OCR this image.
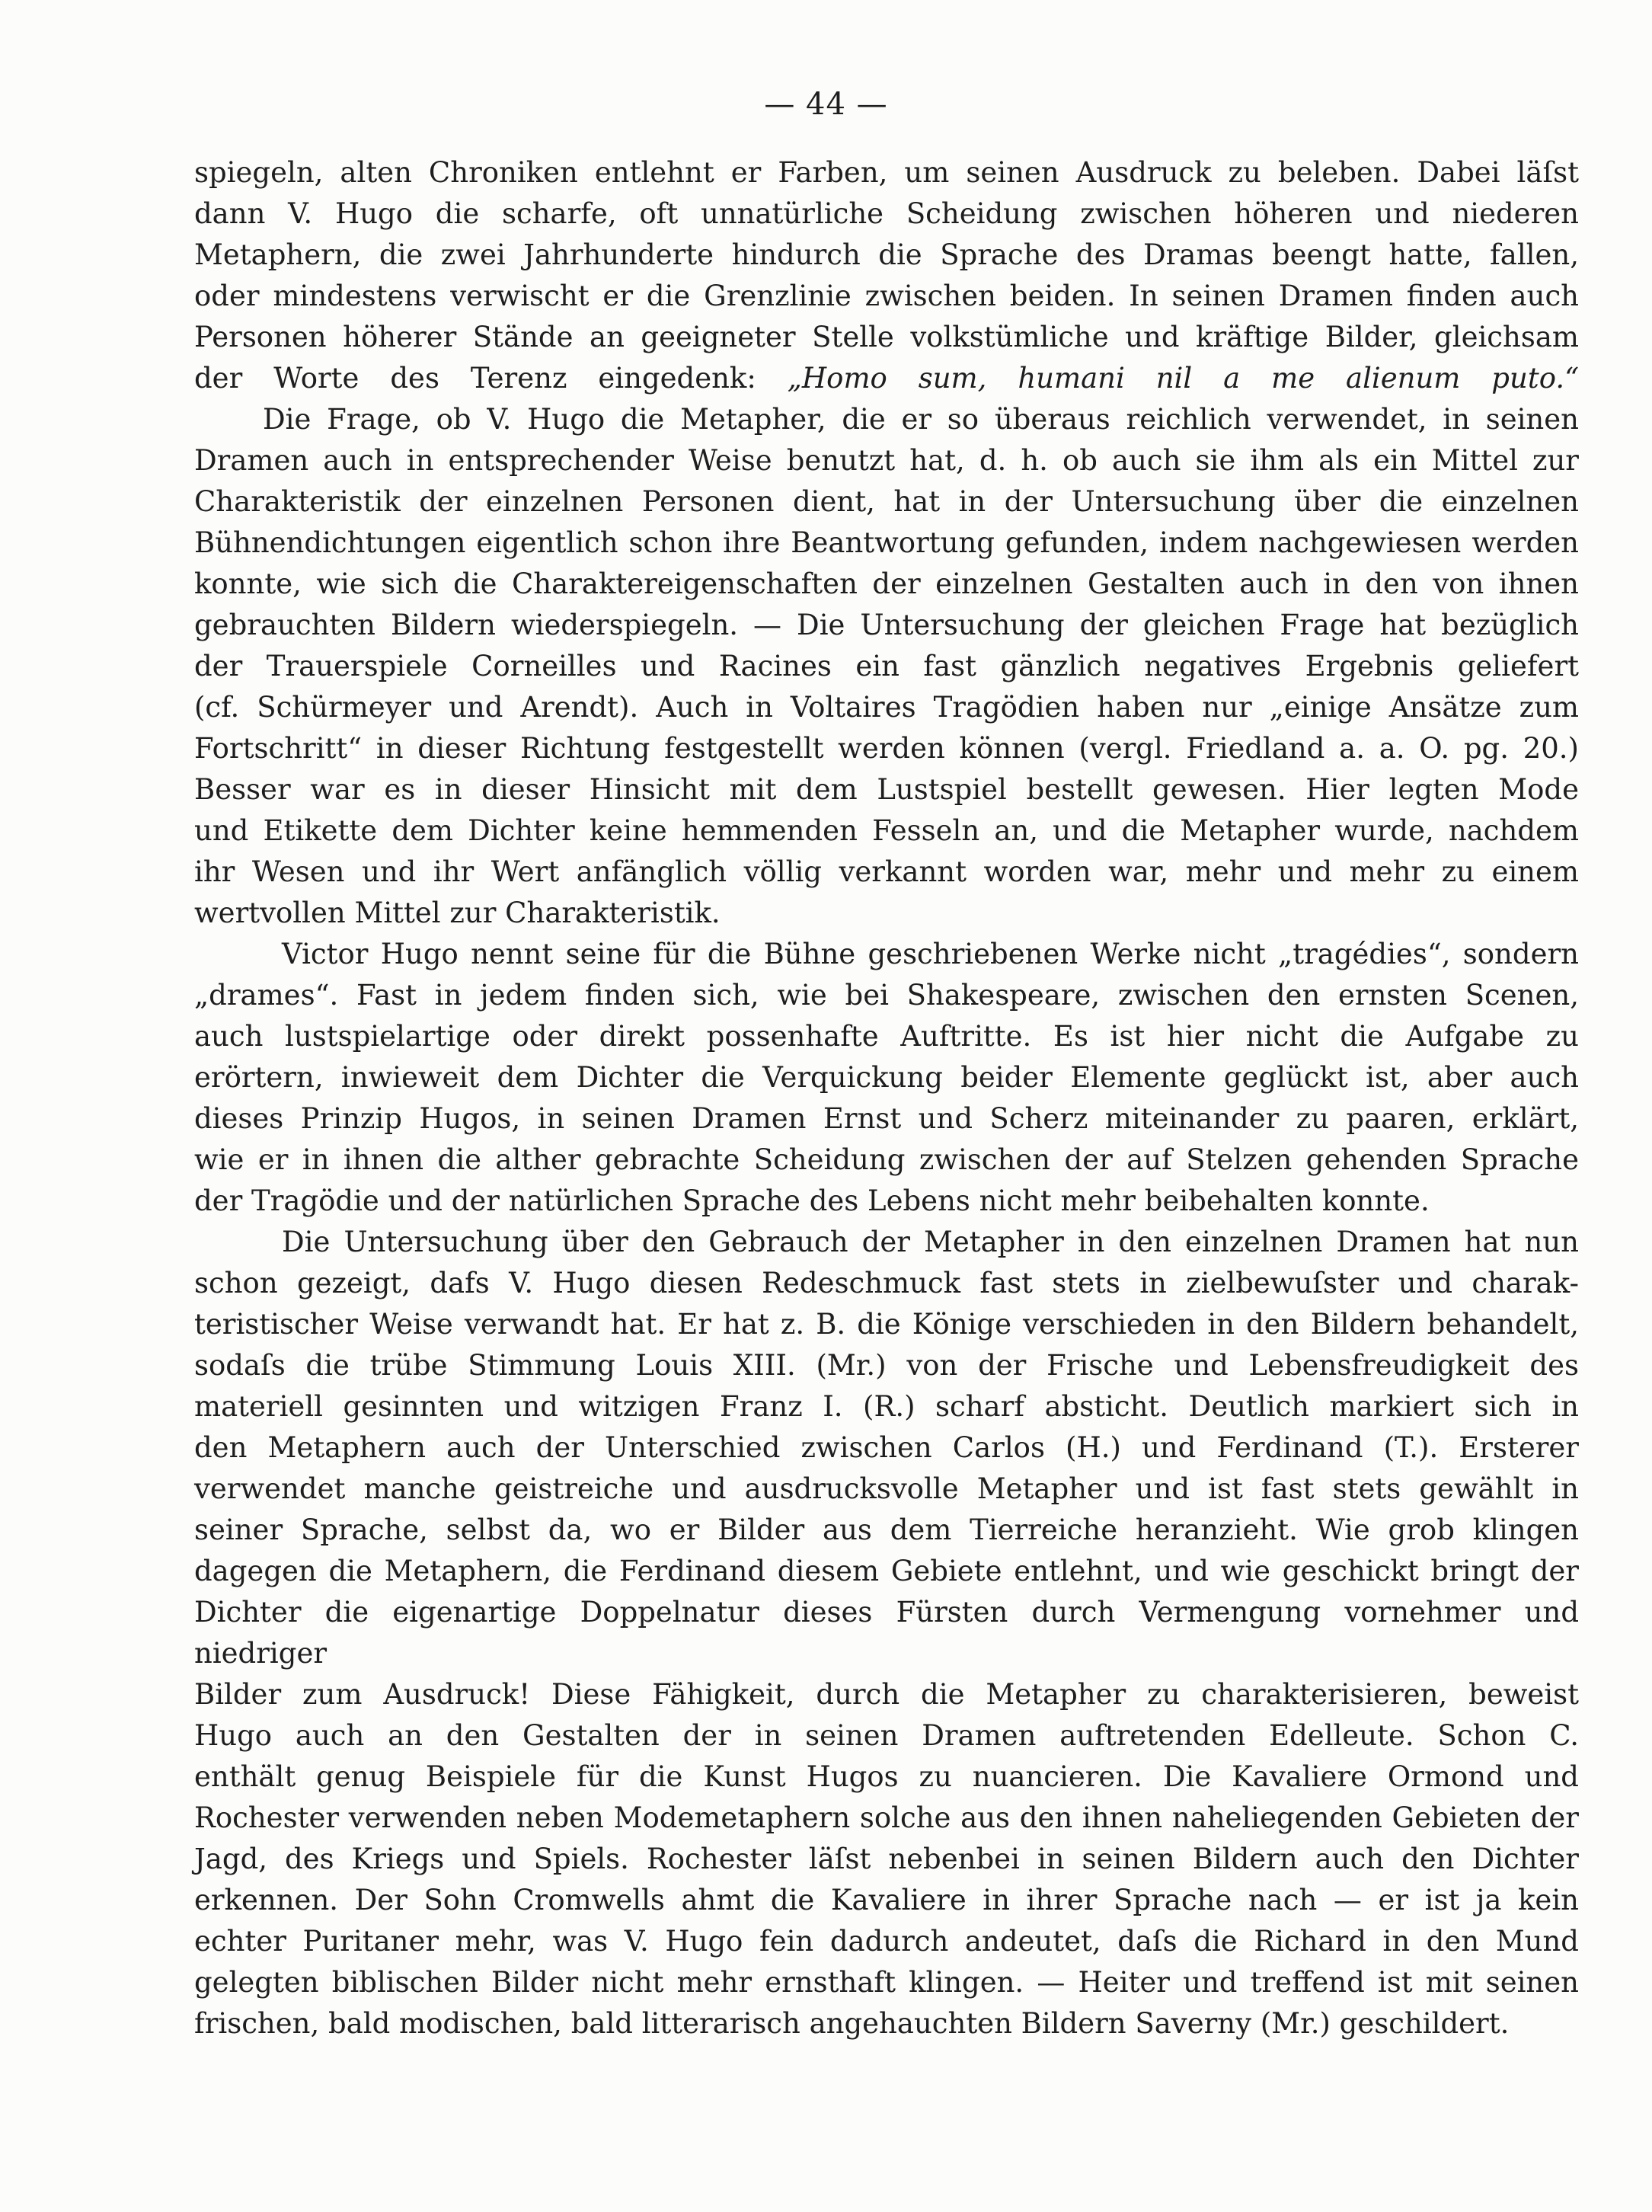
— 44 —

spiegeln, alten Chroniken entlehnt er Farben, um seinen Ausdruck zu beleben. Dabei läſst

dann V. Hugo die scharfe, oft unnatürliche Scheidung zwischen höheren und niederen

Metaphern, die zwei Jahrhunderte hindurch die Sprache des Dramas beengt hatte, fallen,

oder mindestens verwischt er die Grenzlinie zwischen beiden. In seinen Dramen finden auch

Personen höherer Stände an geeigneter Stelle volkstümliche und kräftige Bilder, gleichsam

der Worte des Terenz eingedenk: „Homo sum, humani nil a me alienum puto.“

Die Frage, ob V. Hugo die Metapher, die er so überaus reichlich verwendet, in seinen

Dramen auch in entsprechender Weise benutzt hat, d. h. ob auch sie ihm als ein Mittel zur

Charakteristik der einzelnen Personen dient, hat in der Untersuchung über die einzelnen

Bühnendichtungen eigentlich schon ihre Beantwortung gefunden, indem nachgewiesen werden

konnte, wie sich die Charaktereigenschaften der einzelnen Gestalten auch in den von ihnen

gebrauchten Bildern wiederspiegeln. — Die Untersuchung der gleichen Frage hat bezüglich

der Trauerspiele Corneilles und Racines ein fast gänzlich negatives Ergebnis geliefert

(cf. Schürmeyer und Arendt). Auch in Voltaires Tragödien haben nur „einige Ansätze zum

Fortschritt“ in dieser Richtung festgestellt werden können (vergl. Friedland a. a. O. pg. 20.)

Besser war es in dieser Hinsicht mit dem Lustspiel bestellt gewesen. Hier legten Mode

und Etikette dem Dichter keine hemmenden Fesseln an, und die Metapher wurde, nachdem

ihr Wesen und ihr Wert anfänglich völlig verkannt worden war, mehr und mehr zu einem

wertvollen Mittel zur Charakteristik.

Victor Hugo nennt seine für die Bühne geschriebenen Werke nicht „tragédies“, sondern

„drames“. Fast in jedem finden sich, wie bei Shakespeare, zwischen den ernsten Scenen,

auch lustspielartige oder direkt possenhafte Auftritte. Es ist hier nicht die Aufgabe zu

erörtern, inwieweit dem Dichter die Verquickung beider Elemente geglückt ist, aber auch

dieses Prinzip Hugos, in seinen Dramen Ernst und Scherz miteinander zu paaren, erklärt,

wie er in ihnen die alther gebrachte Scheidung zwischen der auf Stelzen gehenden Sprache

der Tragödie und der natürlichen Sprache des Lebens nicht mehr beibehalten konnte.

Die Untersuchung über den Gebrauch der Metapher in den einzelnen Dramen hat nun

schon gezeigt, dafs V. Hugo diesen Redeschmuck fast stets in zielbewuſster und charak-

teristischer Weise verwandt hat. Er hat z. B. die Könige verschieden in den Bildern behandelt,

sodaſs die trübe Stimmung Louis XIII. (Mr.) von der Frische und Lebensfreudigkeit des

materiell gesinnten und witzigen Franz I. (R.) scharf absticht. Deutlich markiert sich in

den Metaphern auch der Unterschied zwischen Carlos (H.) und Ferdinand (T.). Ersterer

verwendet manche geistreiche und ausdrucksvolle Metapher und ist fast stets gewählt in

seiner Sprache, selbst da, wo er Bilder aus dem Tierreiche heranzieht. Wie grob klingen

dagegen die Metaphern, die Ferdinand diesem Gebiete entlehnt, und wie geschickt bringt der

Dichter die eigenartige Doppelnatur dieses Fürsten durch Vermengung vornehmer und niedriger

Bilder zum Ausdruck! Diese Fähigkeit, durch die Metapher zu charakterisieren, beweist

Hugo auch an den Gestalten der in seinen Dramen auftretenden Edelleute. Schon C.

enthält genug Beispiele für die Kunst Hugos zu nuancieren. Die Kavaliere Ormond und

Rochester verwenden neben Modemetaphern solche aus den ihnen naheliegenden Gebieten der

Jagd, des Kriegs und Spiels. Rochester läſst nebenbei in seinen Bildern auch den Dichter

erkennen. Der Sohn Cromwells ahmt die Kavaliere in ihrer Sprache nach — er ist ja kein

echter Puritaner mehr, was V. Hugo fein dadurch andeutet, daſs die Richard in den Mund

gelegten biblischen Bilder nicht mehr ernsthaft klingen. — Heiter und treffend ist mit seinen

frischen, bald modischen, bald litterarisch angehauchten Bildern Saverny (Mr.) geschildert.
